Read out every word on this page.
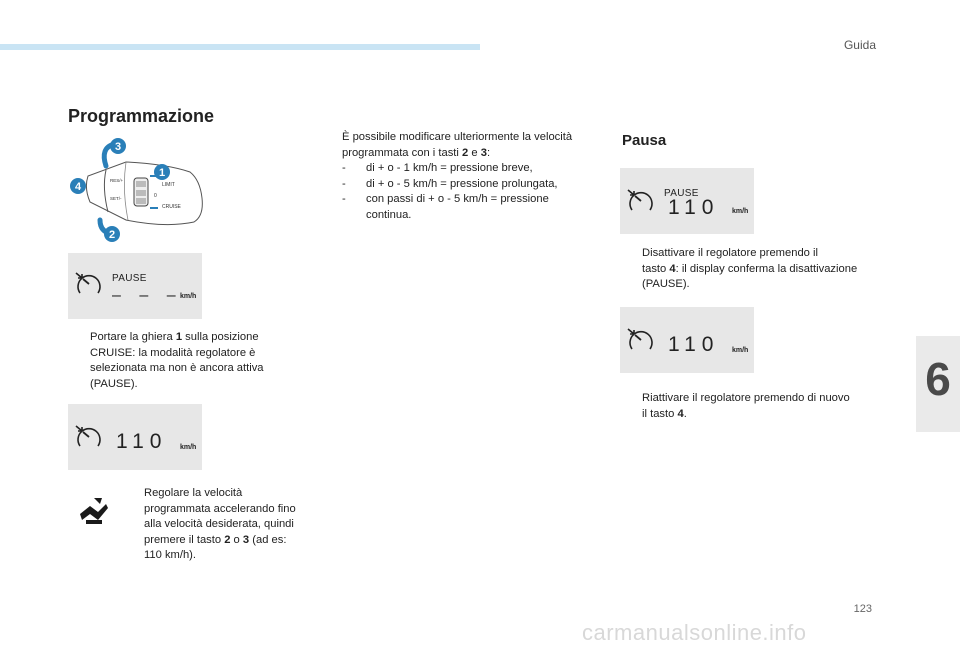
Guida
6
123
carmanualsonline.info
Programmazione
LIMIT
CRUISE
RES/+
SET/-	0
3
1
4
2
PAUSE
– – –
km/h
Portare la ghiera 1 sulla posizione
CRUISE: la modalità regolatore è
selezionata ma non è ancora attiva
(PAUSE).
110 km/h
Regolare la velocità
programmata accelerando fino
alla velocità desiderata, quindi
premere il tasto 2 o 3 (ad es:
110 km/h).
È possibile modificare ulteriormente la velocità
programmata con i tasti 2 e 3:
- di + o - 1 km/h = pressione breve,
- di + o - 5 km/h = pressione prolungata,
- con passi di + o - 5 km/h = pressione
continua.
Pausa
PAUSE
110 km/h
Disattivare il regolatore premendo il
tasto 4: il display conferma la disattivazione
(PAUSE).
110 km/h
Riattivare il regolatore premendo di nuovo
il tasto 4.
